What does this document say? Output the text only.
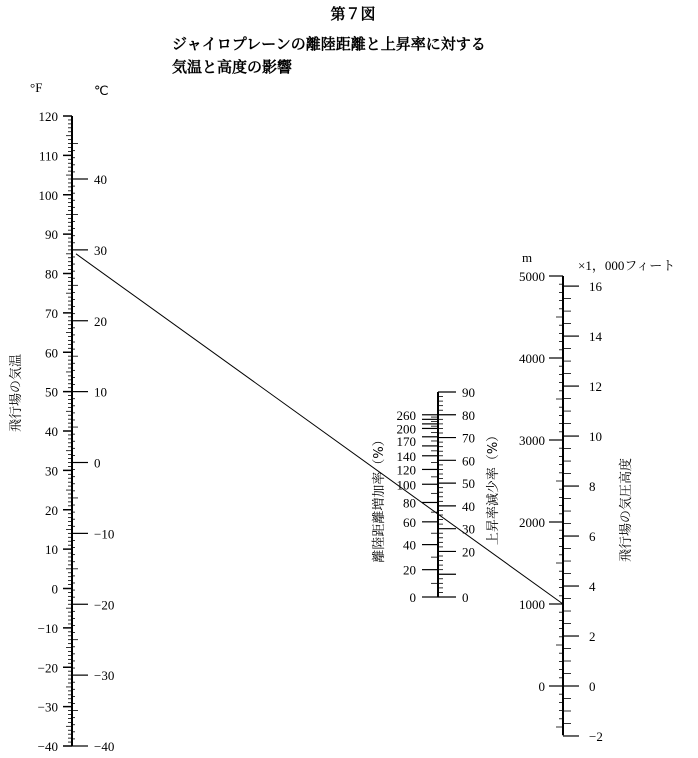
第７図
ジャイロプレーンの離陸距離と上昇率に対する
気温と高度の影響
°F	℃
飛行場の気温
離陸距離増加率（%）	上昇率減少率（%）
m
×1，000フィート
飛行場の気圧高度
120
110
100
90
80
70
60
50
40
30
20
10
0
−10
−20
−30
−40
40
30
20
10
0
−10
−20
−30
−40
90
80
70
60
50
40
30
20
0
260
200
170
140
120
100
80
60
40
20
0
5000
4000
3000
2000
1000
0
16
14
12
10
8
6
4
2
0
−2
